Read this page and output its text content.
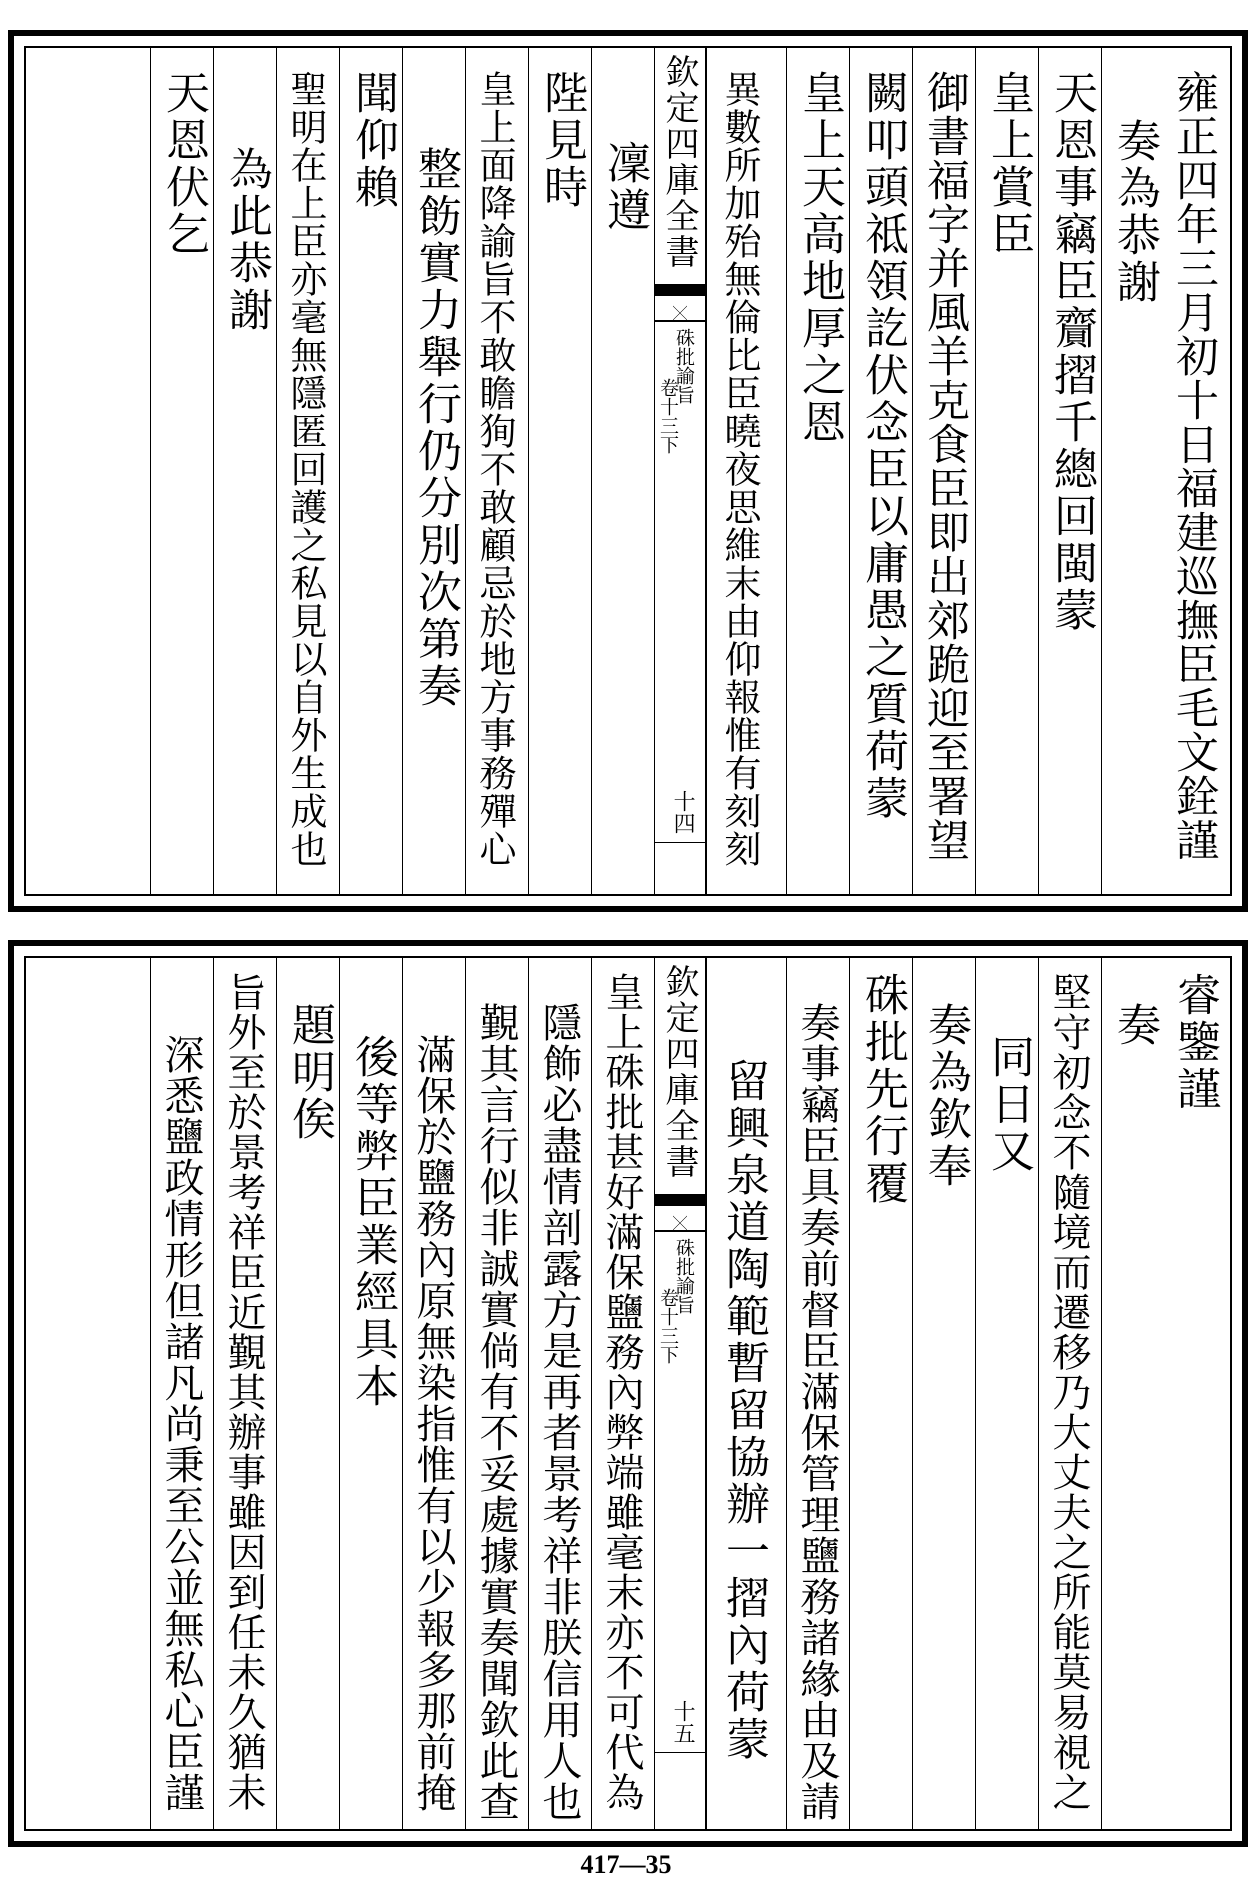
雍正四年三月初十日福建巡撫臣毛文銓謹
奏為恭謝
天恩事竊臣齎摺千總回閩蒙
皇上賞臣
御書福字并風羊克食臣即出郊跪迎至署望
闕叩頭祗領訖伏念臣以庸愚之質荷蒙
皇上天高地厚之恩
異數所加殆無倫比臣曉夜思維末由仰報惟有刻刻
欽定四庫全書
硃批諭旨
卷十三下
十四
凜遵
陛見時
皇上面降諭旨不敢瞻狥不敢顧忌於地方事務殫心
整飭實力舉行仍分別次第奏
聞仰賴
聖明在上臣亦毫無隱匿回護之私見以自外生成也
為此恭謝
天恩伏乞
睿鑒謹
奏
堅守初念不隨境而遷移乃大丈夫之所能莫易視之
同日又
奏為欽奉
硃批先行覆
奏事竊臣具奏前督臣滿保管理鹽務諸緣由及請
留興泉道陶範暫留協辦一摺內荷蒙
欽定四庫全書
硃批諭旨
卷十三下
十五
皇上硃批甚好滿保鹽務內弊端雖毫末亦不可代為
隱飾必盡情剖露方是再者景考祥非朕信用人也
覲其言行似非誠實倘有不妥處據實奏聞欽此查
滿保於鹽務內原無染指惟有以少報多那前掩
後等弊臣業經具本
題明俟
旨外至於景考祥臣近覲其辦事雖因到任未久猶未
深悉鹽政情形但諸凡尚秉至公並無私心臣謹
417—35
